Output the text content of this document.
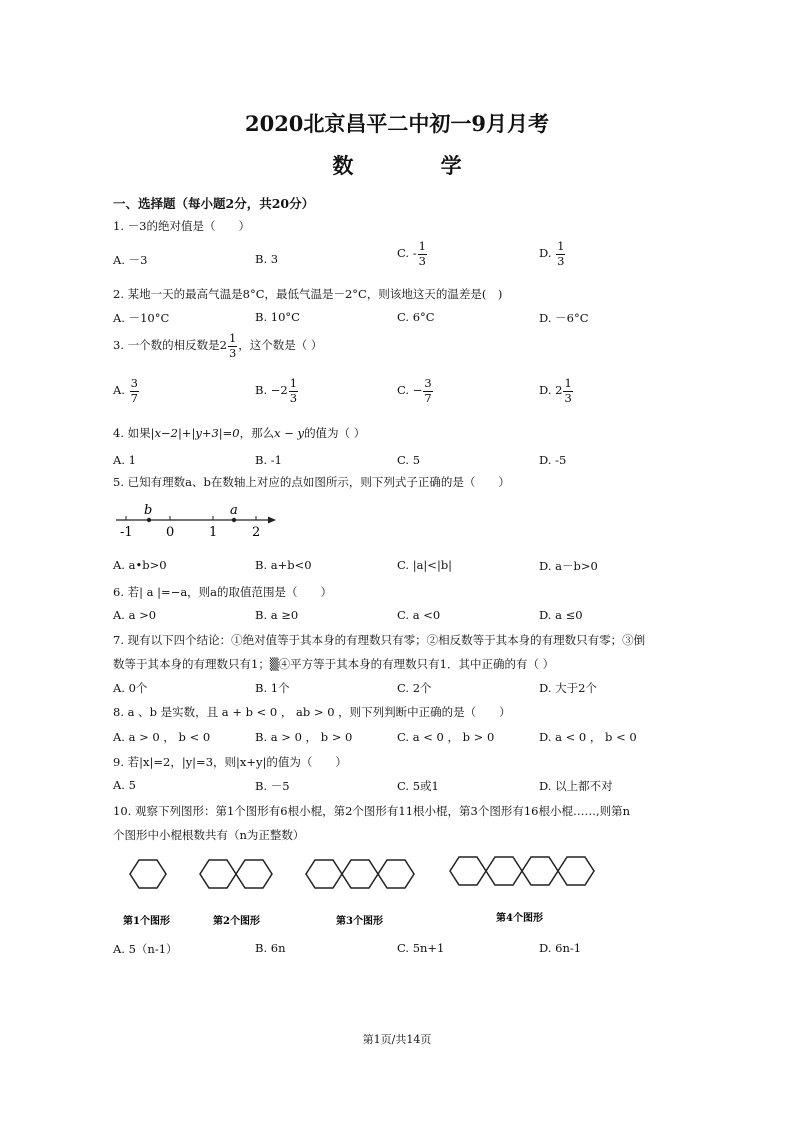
2020北京昌平二中初一9月月考
数 学
一、选择题（每小题2分，共20分）
1. －3的绝对值是（　　）
A. －3	B. 3	C. - $\frac{1}{3}$	D. $\frac{1}{3}$
2. 某地一天的最高气温是8°C，最低气温是－2°C，则该地这天的温差是(　)
A. －10°C	B. 10°C	C. 6°C	D. －6°C
3. 一个数的相反数是$2 \frac{1}{3}$ ，这个数是（ ）
A. $\frac{3}{7}$	B. $-2 \frac{1}{3}$	C. − $\frac{3}{7}$	D. $2 \frac{1}{3}$
4. 如果|x−2|+|y+3|=0，那么x − y的值为（ ）
A. 1	B. -1	C. 5	D. -5
5. 已知有理数a、b在数轴上对应的点如图所示，则下列式子正确的是（　　）
b	a
-1	0	1	2
A. a•b>0	B. a+b<0	C. |a|<|b|	D. a－b>0
6. 若| a |=−a，则a的取值范围是（　　）
A. a >0	B. a ≥0	C. a <0	D. a ≤0
7. 现有以下四个结论：①绝对值等于其本身的有理数只有零；②相反数等于其本身的有理数只有零；③倒
数等于其本身的有理数只有1；▒④平方等于其本身的有理数只有1．其中正确的有（ ）
A. 0个	B. 1个	C. 2个	D. 大于2个
8. a 、b 是实数，且 a + b < 0 ， ab > 0 ，则下列判断中正确的是（　　）
A. a > 0 ， b < 0	B. a > 0 ， b > 0	C. a < 0 ， b > 0	D. a < 0 ， b < 0
9. 若|x|=2，|y|=3，则|x+y|的值为（　　）
A. 5	B. －5	C. 5或1	D. 以上都不对
10. 观察下列图形：第1个图形有6根小棍，第2个图形有11根小棍，第3个图形有16根小棍……,则第n
个图形中小棍根数共有（n为正整数）
第1个图形	第2个图形	第3个图形	第4个图形
A. 5（n-1）	B. 6n	C. 5n+1	D. 6n-1
第1页/共14页
